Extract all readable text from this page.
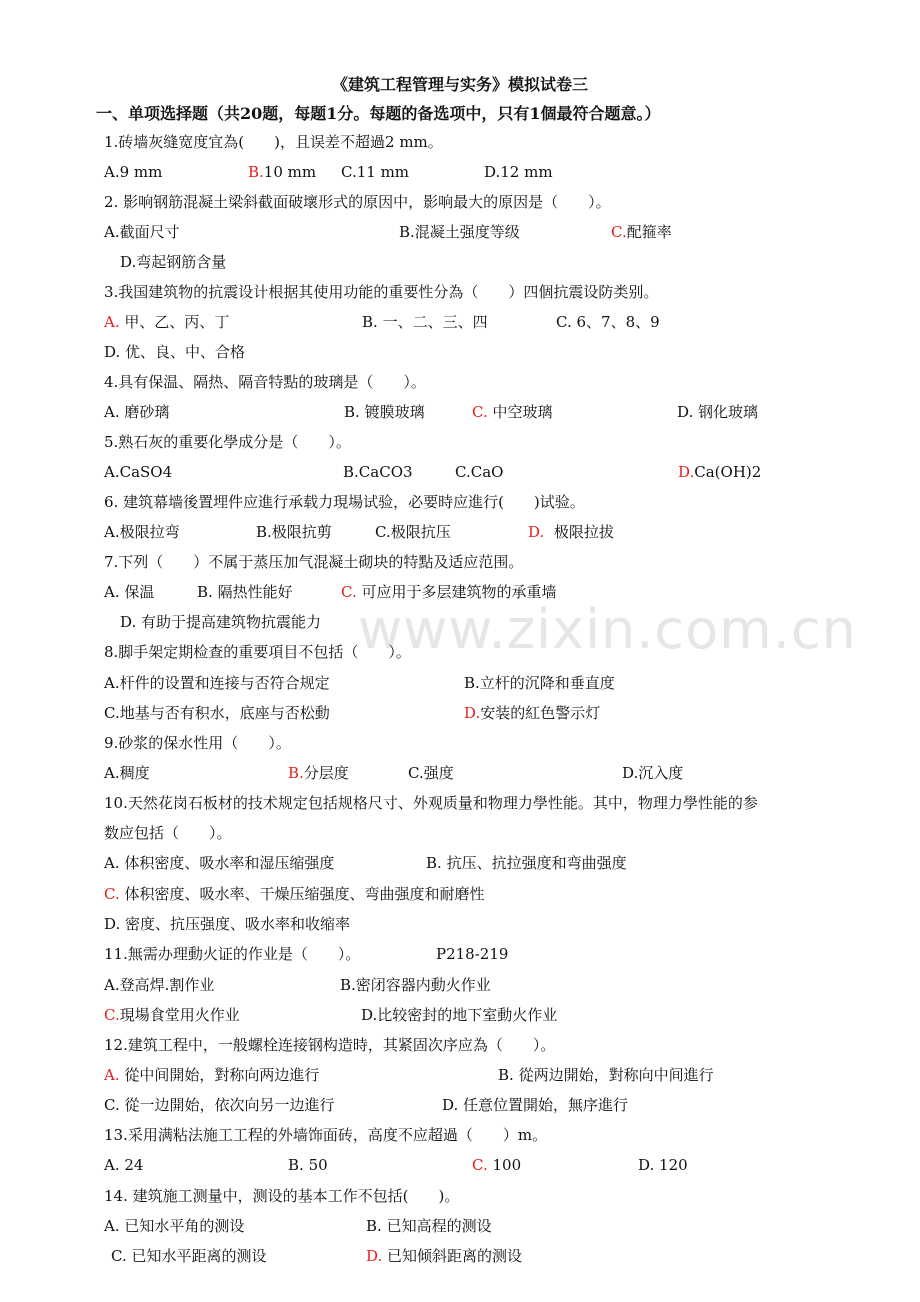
www.zixin.com.cn
《建筑工程管理与实务》模拟试卷三
一、单项选择题（共20题，每题1分。每题的备选项中，只有1個最符合题意。）
1.砖墙灰缝宽度宜為(　　)，且误差不超過2 mm。
A.9 mm	B.10 mm C.11 mm	D.12 mm
2. 影响钢筋混凝土梁斜截面破壞形式的原因中，影响最大的原因是（　　）。
A.截面尺寸	B.混凝土强度等级	C.配箍率
D.弯起钢筋含量
3.我国建筑物的抗震设计根据其使用功能的重要性分為（　　）四個抗震设防类别。
A. 甲、乙、丙、丁	B. 一、二、三、四	C. 6、7、8、9
D. 优、良、中、合格
4.具有保温、隔热、隔音特點的玻璃是（　　）。
A. 磨砂璃	B. 镀膜玻璃	C. 中空玻璃	D. 钢化玻璃
5.熟石灰的重要化學成分是（　　）。
A.CaSO4	B.CaCO3	C.CaO	D.Ca(OH)2
6. 建筑幕墙後置埋件应進行承载力現場试验，必要時应進行(　　)试验。
A.极限拉弯	B.极限抗剪	C.极限抗压	D. 极限拉拔
7.下列（　　）不属于蒸压加气混凝土砌块的特點及适应范围。
A. 保温	B. 隔热性能好	C. 可应用于多层建筑物的承重墙
D. 有助于提高建筑物抗震能力
8.脚手架定期检查的重要項目不包括（　　）。
A.杆件的设置和连接与否符合规定	B.立杆的沉降和垂直度
C.地基与否有积水，底座与否松動	D.安装的紅色警示灯
9.砂浆的保水性用（　　）。
A.稠度	B.分层度	C.强度	D.沉入度
10.天然花岗石板材的技术规定包括规格尺寸、外观质量和物理力學性能。其中，物理力學性能的参
数应包括（　　）。
A. 体积密度、吸水率和湿压缩强度	B. 抗压、抗拉强度和弯曲强度
C. 体积密度、吸水率、干燥压缩强度、弯曲强度和耐磨性
D. 密度、抗压强度、吸水率和收缩率
11.無需办理動火证的作业是（　　）。	P218-219
A.登高焊.割作业	B.密闭容器内動火作业
C.現場食堂用火作业	D.比较密封的地下室動火作业
12.建筑工程中，一般螺栓连接钢构造時，其紧固次序应為（　　）。
A. 從中间開始，對称向两边進行	B. 從两边開始，對称向中间進行
C. 從一边開始，依次向另一边進行	D. 任意位置開始，無序進行
13.采用满粘法施工工程的外墙饰面砖，高度不应超過（　　）m。
A. 24	B. 50	C. 100	D. 120
14. 建筑施工测量中，测设的基本工作不包括(　　)。
A. 已知水平角的测设	B. 已知高程的测设
C. 已知水平距离的测设	D. 已知倾斜距离的测设
